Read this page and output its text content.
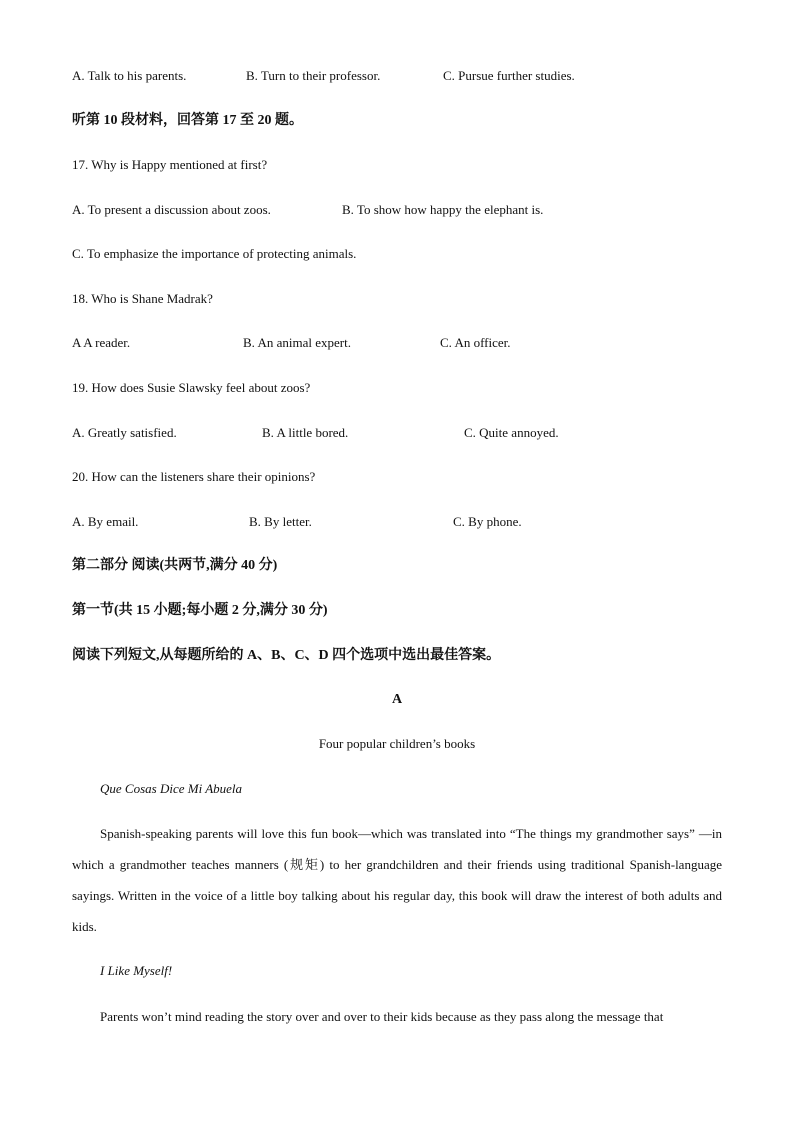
A. Talk to his parents.	B. Turn to their professor.	C. Pursue further studies.
听第 10 段材料，回答第 17 至 20 题。
17. Why is Happy mentioned at first?
A. To present a discussion about zoos.	B. To show how happy the elephant is.
C. To emphasize the importance of protecting animals.
18. Who is Shane Madrak?
A A reader.	B. An animal expert.	C. An officer.
19. How does Susie Slawsky feel about zoos?
A. Greatly satisfied.	B. A little bored.	C. Quite annoyed.
20. How can the listeners share their opinions?
A. By email.	B. By letter.	C. By phone.
第二部分 阅读(共两节,满分 40 分)
第一节(共 15 小题;每小题 2 分,满分 30 分)
阅读下列短文,从每题所给的 A、B、C、D 四个选项中选出最佳答案。
A
Four popular children’s books
Que Cosas Dice Mi Abuela
Spanish-speaking parents will love this fun book—which was translated into “The things my grandmother says” —in which a grandmother teaches manners (规矩) to her grandchildren and their friends using traditional Spanish-language sayings. Written in the voice of a little boy talking about his regular day, this book will draw the interest of both adults and kids.
I Like Myself!
Parents won’t mind reading the story over and over to their kids because as they pass along the message that
